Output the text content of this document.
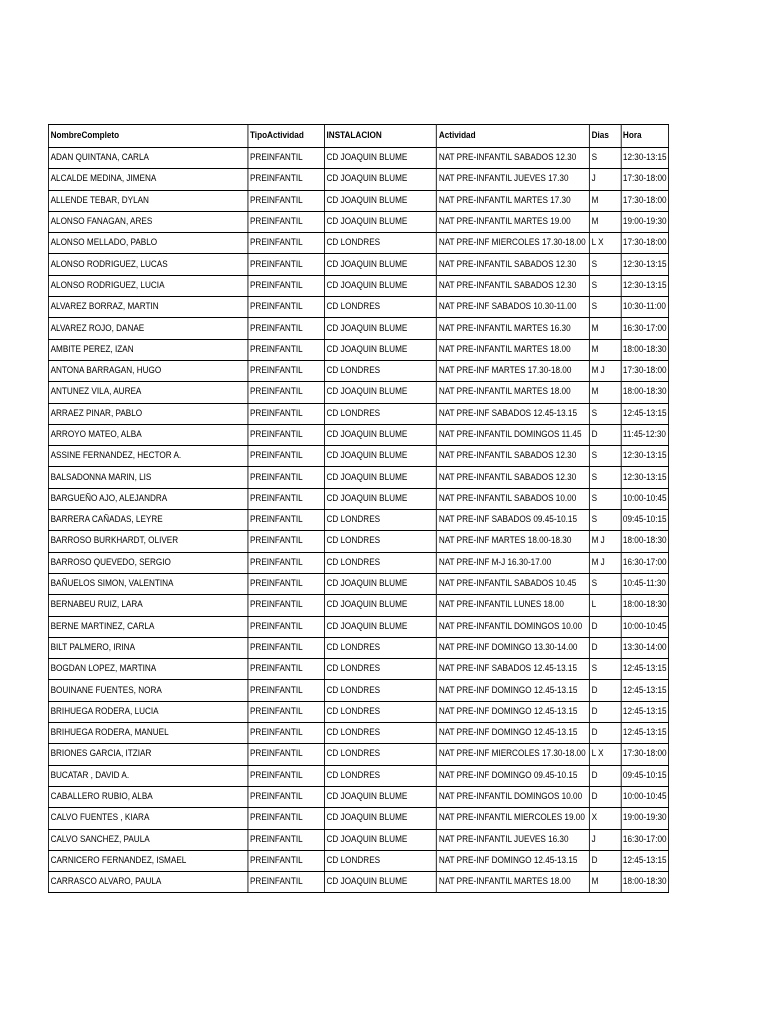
NombreCompleto	TipoActividad	INSTALACION	Actividad	Dias	Hora
ADAN QUINTANA, CARLA	PREINFANTIL	CD JOAQUIN BLUME	NAT PRE-INFANTIL SABADOS 12.30	S	12:30-13:15
ALCALDE MEDINA, JIMENA	PREINFANTIL	CD JOAQUIN BLUME	NAT PRE-INFANTIL JUEVES 17.30	J	17:30-18:00
ALLENDE TEBAR, DYLAN	PREINFANTIL	CD JOAQUIN BLUME	NAT PRE-INFANTIL MARTES 17.30	M	17:30-18:00
ALONSO FANAGAN, ARES	PREINFANTIL	CD JOAQUIN BLUME	NAT PRE-INFANTIL MARTES 19.00	M	19:00-19:30
ALONSO MELLADO, PABLO	PREINFANTIL	CD LONDRES	NAT PRE-INF MIERCOLES 17.30-18.00	L X	17:30-18:00
ALONSO RODRIGUEZ, LUCAS	PREINFANTIL	CD JOAQUIN BLUME	NAT PRE-INFANTIL SABADOS 12.30	S	12:30-13:15
ALONSO RODRIGUEZ, LUCIA	PREINFANTIL	CD JOAQUIN BLUME	NAT PRE-INFANTIL SABADOS 12.30	S	12:30-13:15
ALVAREZ BORRAZ, MARTIN	PREINFANTIL	CD LONDRES	NAT PRE-INF SABADOS 10.30-11.00	S	10:30-11:00
ALVAREZ ROJO, DANAE	PREINFANTIL	CD JOAQUIN BLUME	NAT PRE-INFANTIL MARTES 16.30	M	16:30-17:00
AMBITE PEREZ, IZAN	PREINFANTIL	CD JOAQUIN BLUME	NAT PRE-INFANTIL MARTES 18.00	M	18:00-18:30
ANTONA BARRAGAN, HUGO	PREINFANTIL	CD LONDRES	NAT PRE-INF MARTES 17.30-18.00	M J	17:30-18:00
ANTUNEZ VILA, AUREA	PREINFANTIL	CD JOAQUIN BLUME	NAT PRE-INFANTIL MARTES 18.00	M	18:00-18:30
ARRAEZ PINAR, PABLO	PREINFANTIL	CD LONDRES	NAT PRE-INF SABADOS 12.45-13.15	S	12:45-13:15
ARROYO MATEO, ALBA	PREINFANTIL	CD JOAQUIN BLUME	NAT PRE-INFANTIL DOMINGOS 11.45	D	11:45-12:30
ASSINE FERNANDEZ, HECTOR A.	PREINFANTIL	CD JOAQUIN BLUME	NAT PRE-INFANTIL SABADOS 12.30	S	12:30-13:15
BALSADONNA MARIN, LIS	PREINFANTIL	CD JOAQUIN BLUME	NAT PRE-INFANTIL SABADOS 12.30	S	12:30-13:15
BARGUEÑO AJO, ALEJANDRA	PREINFANTIL	CD JOAQUIN BLUME	NAT PRE-INFANTIL SABADOS 10.00	S	10:00-10:45
BARRERA CAÑADAS, LEYRE	PREINFANTIL	CD LONDRES	NAT PRE-INF SABADOS 09.45-10.15	S	09:45-10:15
BARROSO BURKHARDT, OLIVER	PREINFANTIL	CD LONDRES	NAT PRE-INF MARTES 18.00-18.30	M J	18:00-18:30
BARROSO QUEVEDO, SERGIO	PREINFANTIL	CD LONDRES	NAT PRE-INF M-J 16.30-17.00	M J	16:30-17:00
BAÑUELOS SIMON, VALENTINA	PREINFANTIL	CD JOAQUIN BLUME	NAT PRE-INFANTIL SABADOS 10.45	S	10:45-11:30
BERNABEU RUIZ, LARA	PREINFANTIL	CD JOAQUIN BLUME	NAT PRE-INFANTIL LUNES 18.00	L	18:00-18:30
BERNE MARTINEZ, CARLA	PREINFANTIL	CD JOAQUIN BLUME	NAT PRE-INFANTIL DOMINGOS 10.00	D	10:00-10:45
BILT PALMERO, IRINA	PREINFANTIL	CD LONDRES	NAT PRE-INF DOMINGO 13.30-14.00	D	13:30-14:00
BOGDAN LOPEZ, MARTINA	PREINFANTIL	CD LONDRES	NAT PRE-INF SABADOS 12.45-13.15	S	12:45-13:15
BOUINANE FUENTES, NORA	PREINFANTIL	CD LONDRES	NAT PRE-INF DOMINGO 12.45-13.15	D	12:45-13:15
BRIHUEGA RODERA, LUCIA	PREINFANTIL	CD LONDRES	NAT PRE-INF DOMINGO 12.45-13.15	D	12:45-13:15
BRIHUEGA RODERA, MANUEL	PREINFANTIL	CD LONDRES	NAT PRE-INF DOMINGO 12.45-13.15	D	12:45-13:15
BRIONES GARCIA, ITZIAR	PREINFANTIL	CD LONDRES	NAT PRE-INF MIERCOLES 17.30-18.00	L X	17:30-18:00
BUCATAR , DAVID A.	PREINFANTIL	CD LONDRES	NAT PRE-INF DOMINGO 09.45-10.15	D	09:45-10:15
CABALLERO RUBIO, ALBA	PREINFANTIL	CD JOAQUIN BLUME	NAT PRE-INFANTIL DOMINGOS 10.00	D	10:00-10:45
CALVO FUENTES , KIARA	PREINFANTIL	CD JOAQUIN BLUME	NAT PRE-INFANTIL MIERCOLES 19.00	X	19:00-19:30
CALVO SANCHEZ, PAULA	PREINFANTIL	CD JOAQUIN BLUME	NAT PRE-INFANTIL JUEVES 16.30	J	16:30-17:00
CARNICERO FERNANDEZ, ISMAEL	PREINFANTIL	CD LONDRES	NAT PRE-INF DOMINGO 12.45-13.15	D	12:45-13:15
CARRASCO ALVARO, PAULA	PREINFANTIL	CD JOAQUIN BLUME	NAT PRE-INFANTIL MARTES 18.00	M	18:00-18:30
